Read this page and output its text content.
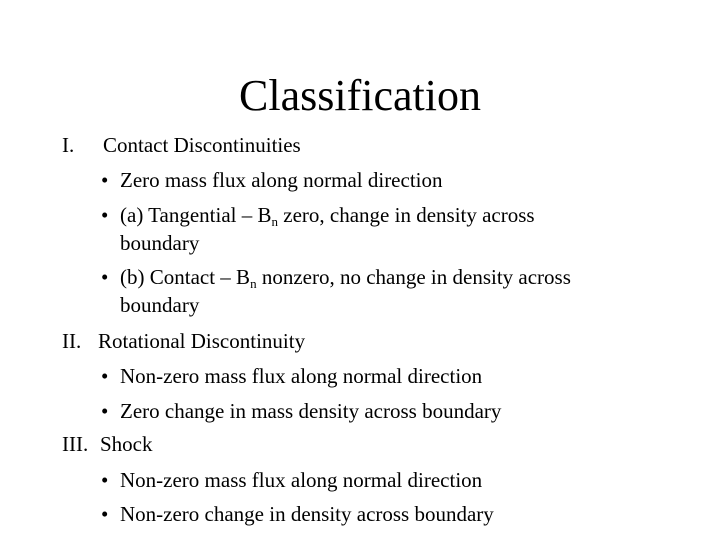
Classification
I. Contact Discontinuities
• Zero mass flux along normal direction
• (a) Tangential – $B_n$ zero, change in density across
boundary
• (b) Contact – $B_n$ nonzero, no change in density across
boundary
II. Rotational Discontinuity
• Non-zero mass flux along normal direction
• Zero change in mass density across boundary
III. Shock
• Non-zero mass flux along normal direction
• Non-zero change in density across boundary
